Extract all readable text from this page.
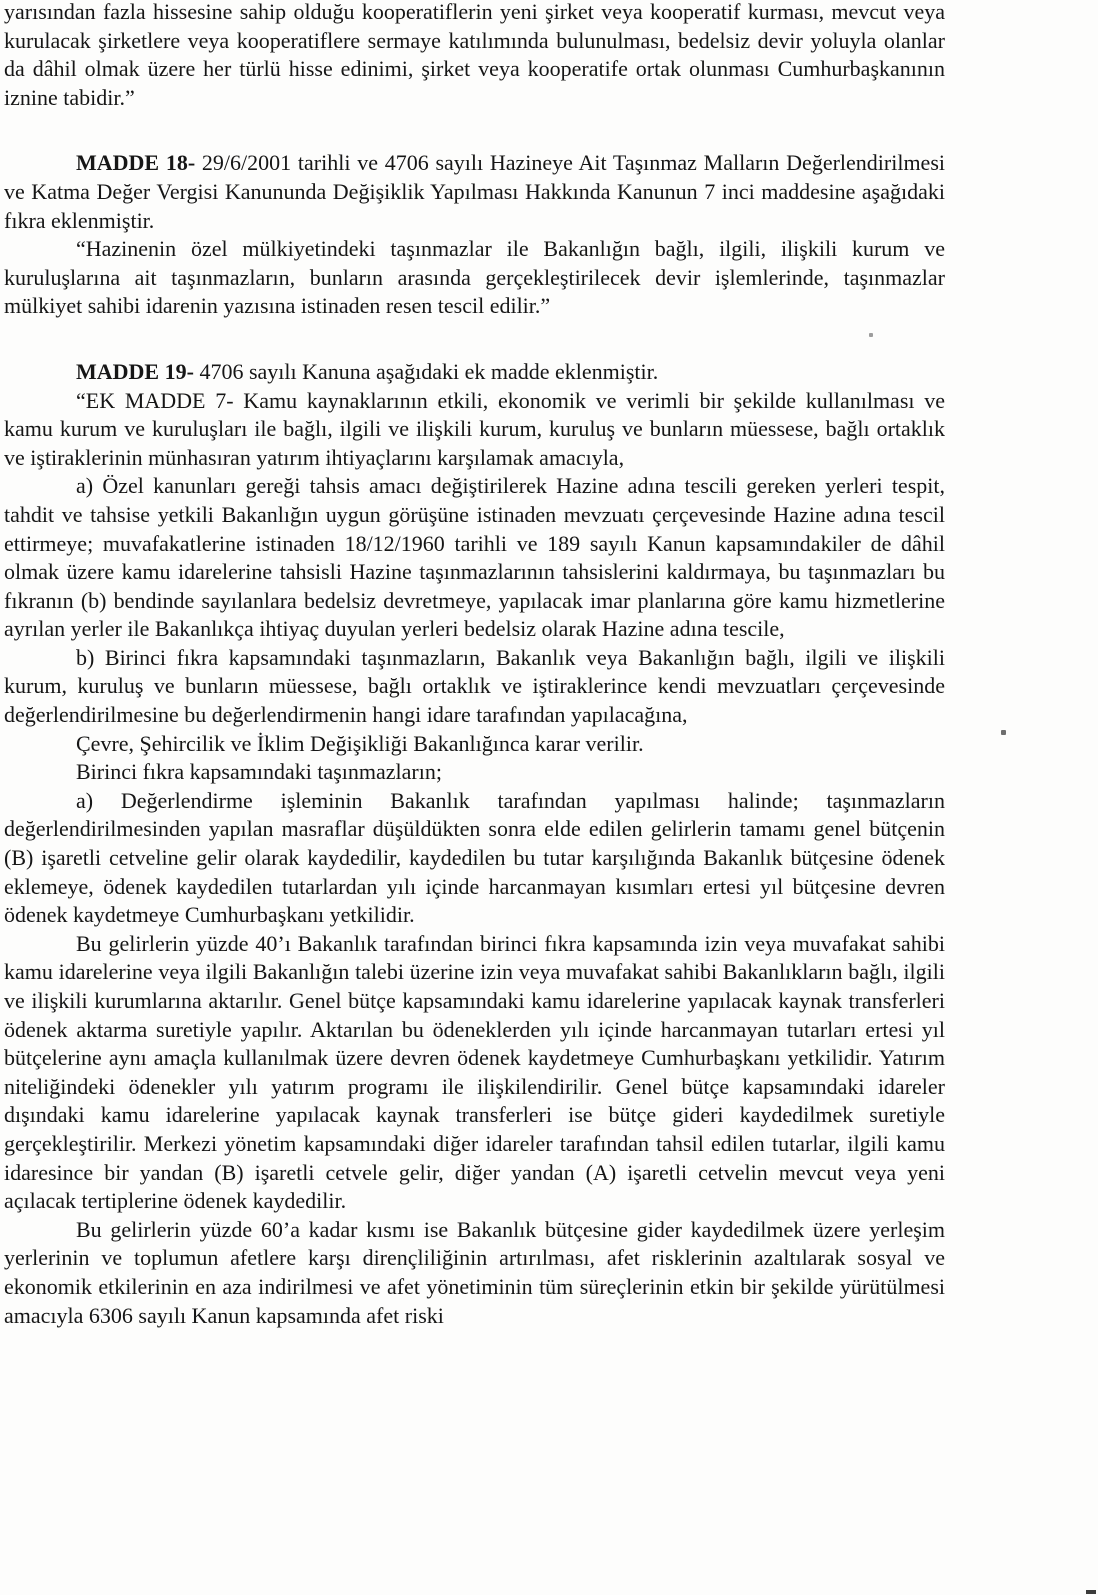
yarısından fazla hissesine sahip olduğu kooperatiflerin yeni şirket veya kooperatif kurması, mevcut veya kurulacak şirketlere veya kooperatiflere sermaye katılımında bulunulması, bedelsiz devir yoluyla olanlar da dâhil olmak üzere her türlü hisse edinimi, şirket veya kooperatife ortak olunması Cumhurbaşkanının iznine tabidir.”

MADDE 18- 29/6/2001 tarihli ve 4706 sayılı Hazineye Ait Taşınmaz Malların Değerlendirilmesi ve Katma Değer Vergisi Kanununda Değişiklik Yapılması Hakkında Kanunun 7 inci maddesine aşağıdaki fıkra eklenmiştir.

“Hazinenin özel mülkiyetindeki taşınmazlar ile Bakanlığın bağlı, ilgili, ilişkili kurum ve kuruluşlarına ait taşınmazların, bunların arasında gerçekleştirilecek devir işlemlerinde, taşınmazlar mülkiyet sahibi idarenin yazısına istinaden resen tescil edilir.”

MADDE 19- 4706 sayılı Kanuna aşağıdaki ek madde eklenmiştir.

“EK MADDE 7- Kamu kaynaklarının etkili, ekonomik ve verimli bir şekilde kullanılması ve kamu kurum ve kuruluşları ile bağlı, ilgili ve ilişkili kurum, kuruluş ve bunların müessese, bağlı ortaklık ve iştiraklerinin münhasıran yatırım ihtiyaçlarını karşılamak amacıyla,

a) Özel kanunları gereği tahsis amacı değiştirilerek Hazine adına tescili gereken yerleri tespit, tahdit ve tahsise yetkili Bakanlığın uygun görüşüne istinaden mevzuatı çerçevesinde Hazine adına tescil ettirmeye; muvafakatlerine istinaden 18/12/1960 tarihli ve 189 sayılı Kanun kapsamındakiler de dâhil olmak üzere kamu idarelerine tahsisli Hazine taşınmazlarının tahsislerini kaldırmaya, bu taşınmazları bu fıkranın (b) bendinde sayılanlara bedelsiz devretmeye, yapılacak imar planlarına göre kamu hizmetlerine ayrılan yerler ile Bakanlıkça ihtiyaç duyulan yerleri bedelsiz olarak Hazine adına tescile,

b) Birinci fıkra kapsamındaki taşınmazların, Bakanlık veya Bakanlığın bağlı, ilgili ve ilişkili kurum, kuruluş ve bunların müessese, bağlı ortaklık ve iştiraklerince kendi mevzuatları çerçevesinde değerlendirilmesine bu değerlendirmenin hangi idare tarafından yapılacağına,

Çevre, Şehircilik ve İklim Değişikliği Bakanlığınca karar verilir.

Birinci fıkra kapsamındaki taşınmazların;

a) Değerlendirme işleminin Bakanlık tarafından yapılması halinde; taşınmazların değerlendirilmesinden yapılan masraflar düşüldükten sonra elde edilen gelirlerin tamamı genel bütçenin (B) işaretli cetveline gelir olarak kaydedilir, kaydedilen bu tutar karşılığında Bakanlık bütçesine ödenek eklemeye, ödenek kaydedilen tutarlardan yılı içinde harcanmayan kısımları ertesi yıl bütçesine devren ödenek kaydetmeye Cumhurbaşkanı yetkilidir.

Bu gelirlerin yüzde 40’ı Bakanlık tarafından birinci fıkra kapsamında izin veya muvafakat sahibi kamu idarelerine veya ilgili Bakanlığın talebi üzerine izin veya muvafakat sahibi Bakanlıkların bağlı, ilgili ve ilişkili kurumlarına aktarılır. Genel bütçe kapsamındaki kamu idarelerine yapılacak kaynak transferleri ödenek aktarma suretiyle yapılır. Aktarılan bu ödeneklerden yılı içinde harcanmayan tutarları ertesi yıl bütçelerine aynı amaçla kullanılmak üzere devren ödenek kaydetmeye Cumhurbaşkanı yetkilidir. Yatırım niteliğindeki ödenekler yılı yatırım programı ile ilişkilendirilir. Genel bütçe kapsamındaki idareler dışındaki kamu idarelerine yapılacak kaynak transferleri ise bütçe gideri kaydedilmek suretiyle gerçekleştirilir. Merkezi yönetim kapsamındaki diğer idareler tarafından tahsil edilen tutarlar, ilgili kamu idaresince bir yandan (B) işaretli cetvele gelir, diğer yandan (A) işaretli cetvelin mevcut veya yeni açılacak tertiplerine ödenek kaydedilir.

Bu gelirlerin yüzde 60’a kadar kısmı ise Bakanlık bütçesine gider kaydedilmek üzere yerleşim yerlerinin ve toplumun afetlere karşı dirençliliğinin artırılması, afet risklerinin azaltılarak sosyal ve ekonomik etkilerinin en aza indirilmesi ve afet yönetiminin tüm süreçlerinin etkin bir şekilde yürütülmesi amacıyla 6306 sayılı Kanun kapsamında afet riski
